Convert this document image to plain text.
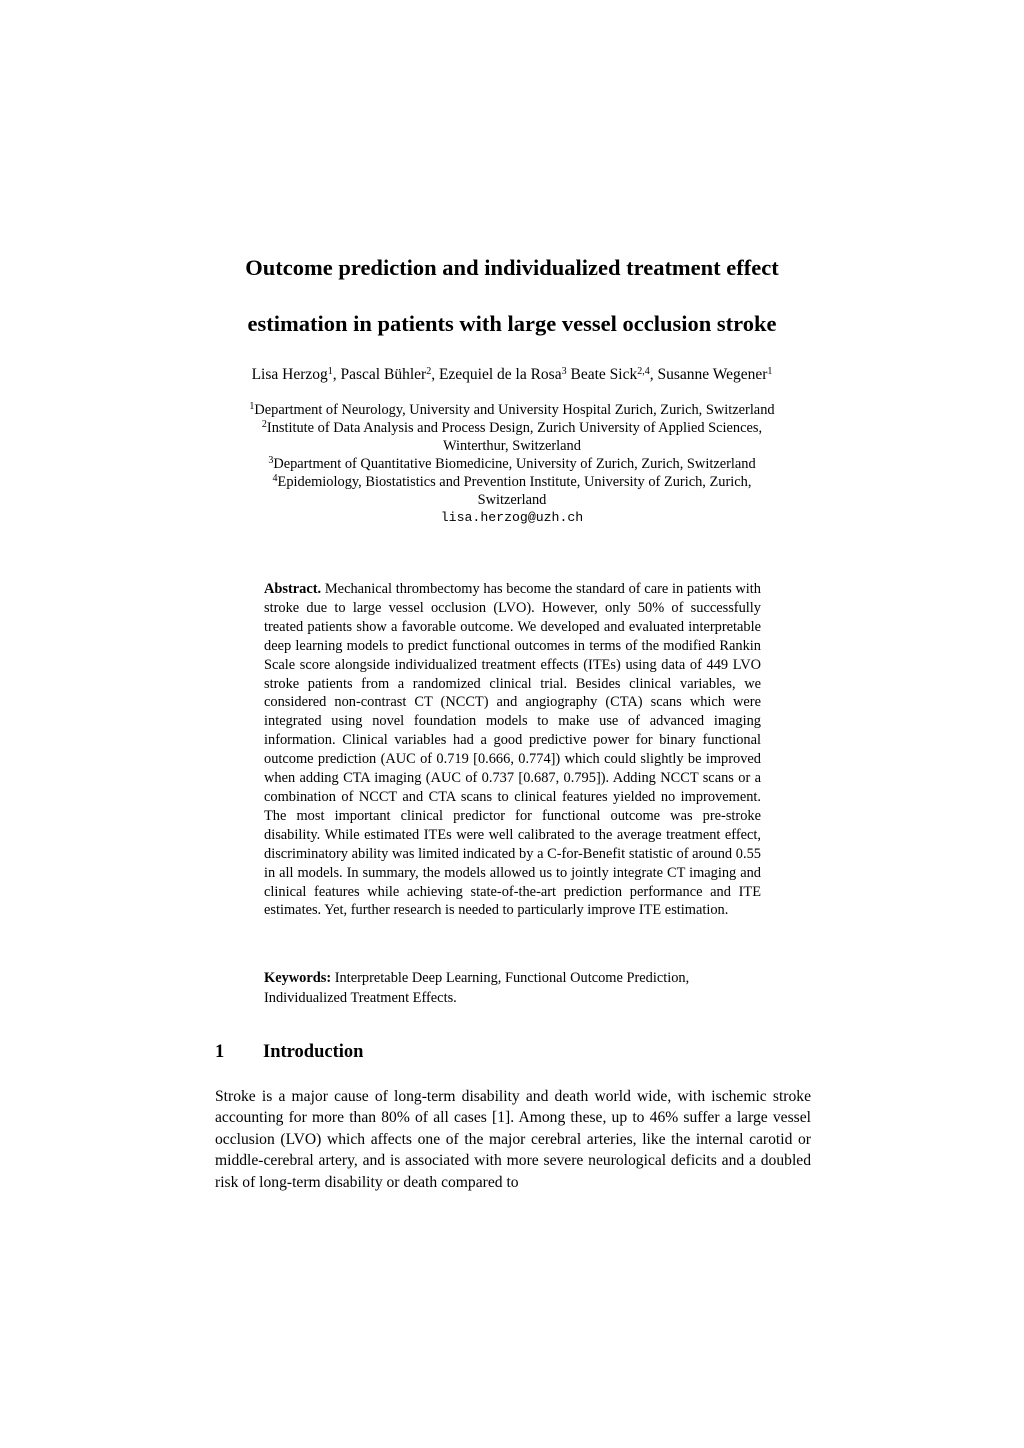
Outcome prediction and individualized treatment effect
estimation in patients with large vessel occlusion stroke
Lisa Herzog$^1$, Pascal Bühler$^2$, Ezequiel de la Rosa$^3$ Beate Sick$^{2,4}$, Susanne Wegener$^1$
$^1$Department of Neurology, University and University Hospital Zurich, Zurich, Switzerland
$^2$Institute of Data Analysis and Process Design, Zurich University of Applied Sciences,
Winterthur, Switzerland
$^3$Department of Quantitative Biomedicine, University of Zurich, Zurich, Switzerland
$^4$Epidemiology, Biostatistics and Prevention Institute, University of Zurich, Zurich,
Switzerland
lisa.herzog@uzh.ch
Abstract. Mechanical thrombectomy has become the standard of care in patients with stroke due to large vessel occlusion (LVO). However, only 50% of successfully treated patients show a favorable outcome. We developed and evaluated interpretable deep learning models to predict functional outcomes in terms of the modified Rankin Scale score alongside individualized treatment effects (ITEs) using data of 449 LVO stroke patients from a randomized clinical trial. Besides clinical variables, we considered non-contrast CT (NCCT) and angiography (CTA) scans which were integrated using novel foundation models to make use of advanced imaging information. Clinical variables had a good predictive power for binary functional outcome prediction (AUC of 0.719 [0.666, 0.774]) which could slightly be improved when adding CTA imaging (AUC of 0.737 [0.687, 0.795]). Adding NCCT scans or a combination of NCCT and CTA scans to clinical features yielded no improvement. The most important clinical predictor for functional outcome was pre-stroke disability. While estimated ITEs were well calibrated to the average treatment effect, discriminatory ability was limited indicated by a C-for-Benefit statistic of around 0.55 in all models. In summary, the models allowed us to jointly integrate CT imaging and clinical features while achieving state-of-the-art prediction performance and ITE estimates. Yet, further research is needed to particularly improve ITE estimation.
Keywords: Interpretable Deep Learning, Functional Outcome Prediction, Individualized Treatment Effects.
1 Introduction
Stroke is a major cause of long-term disability and death world wide, with ischemic stroke accounting for more than 80% of all cases [1]. Among these, up to 46% suffer a large vessel occlusion (LVO) which affects one of the major cerebral arteries, like the internal carotid or middle-cerebral artery, and is associated with more severe neurological deficits and a doubled risk of long-term disability or death compared to
